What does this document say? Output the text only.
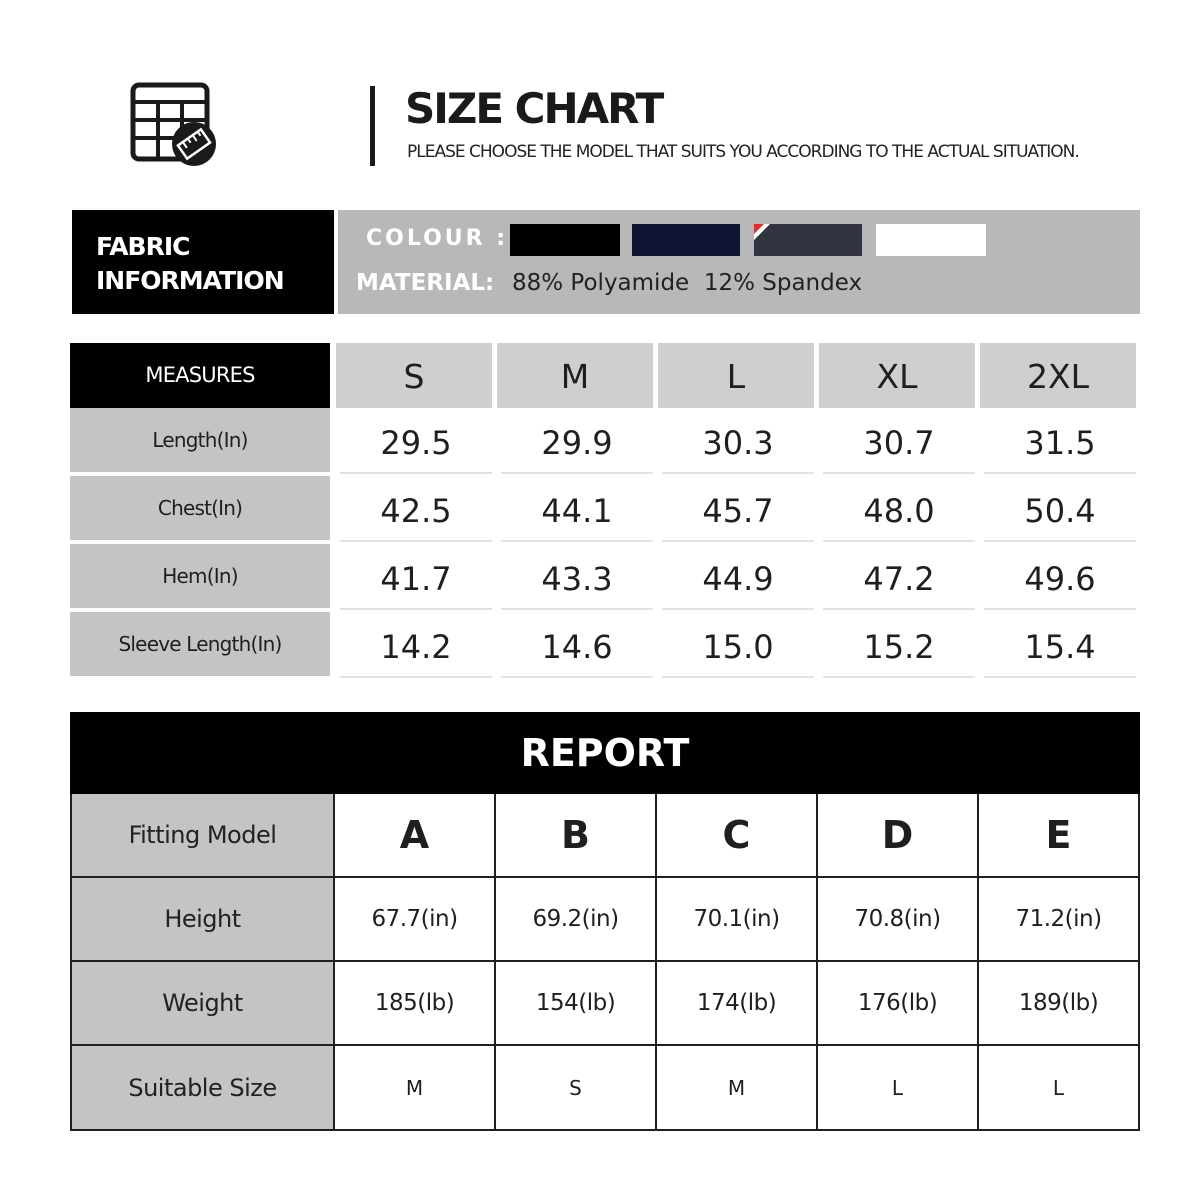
SIZE CHART
PLEASE CHOOSE THE MODEL THAT SUITS YOU ACCORDING TO THE ACTUAL SITUATION.
FABRIC
INFORMATION
COLOUR :
MATERIAL: 88% Polyamide  12% Spandex
MEASURES	S	M	L	XL	2XL
Length(In)	29.5	29.9	30.3	30.7	31.5
Chest(In)	42.5	44.1	45.7	48.0	50.4
Hem(In)	41.7	43.3	44.9	47.2	49.6
Sleeve Length(In)	14.2	14.6	15.0	15.2	15.4
REPORT
Fitting Model	A	B	C	D	E
Height	67.7(in)	69.2(in)	70.1(in)	70.8(in)	71.2(in)
Weight	185(lb)	154(lb)	174(lb)	176(lb)	189(lb)
Suitable Size	M	S	M	L	L
